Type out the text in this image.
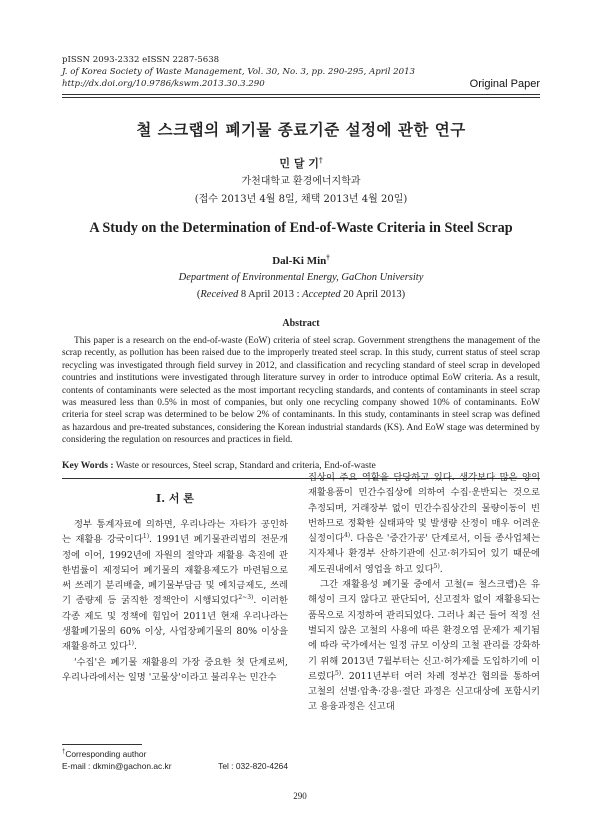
pISSN 2093-2332 eISSN 2287-5638
J. of Korea Society of Waste Management, Vol. 30, No. 3, pp. 290-295, April 2013
http://dx.doi.org/10.9786/kswm.2013.30.3.290	Original Paper
철 스크랩의 폐기물 종료기준 설정에 관한 연구
민 달 기†
가천대학교 환경에너지학과
(접수 2013년 4월 8일, 채택 2013년 4월 20일)
A Study on the Determination of End-of-Waste Criteria in Steel Scrap
Dal-Ki Min†
Department of Environmental Energy, GaChon University
(Received 8 April 2013 : Accepted 20 April 2013)
Abstract
This paper is a research on the end-of-waste (EoW) criteria of steel scrap. Government strengthens the management of the scrap recently, as pollution has been raised due to the improperly treated steel scrap. In this study, current status of steel scrap recycling was investigated through field survey in 2012, and classification and recycling standard of steel scrap in developed countries and institutions were investigated through literature survey in order to introduce optimal EoW criteria. As a result, contents of contaminants were selected as the most important recycling standards, and contents of contaminants in steel scrap was measured less than 0.5% in most of companies, but only one recycling company showed 10% of contaminants. EoW criteria for steel scrap was determined to be below 2% of contaminants. In this study, contaminants in steel scrap was defined as hazardous and pre-treated substances, considering the Korean industrial standards (KS). And EoW stage was determined by considering the regulation on resources and practices in field.
Key Words : Waste or resources, Steel scrap, Standard and criteria, End-of-waste
I. 서 론

정부 통계자료에 의하면, 우리나라는 자타가 공인하는 재활용 강국이다$^{1)}$. 1991년 폐기물관리법의 전문개정에 이어, 1992년에 자원의 절약과 재활용 촉진에 관한법률이 제정되어 폐기물의 재활용제도가 마련됨으로써 쓰레기 분리배출, 폐기물부담금 및 예치금제도, 쓰레기 종량제 등 굵직한 정책안이 시행되었다$^{2\sim 3)}$. 이러한 각종 제도 및 정책에 힘입어 2011년 현재 우리나라는 생활폐기물의 60% 이상, 사업장폐기물의 80% 이상을 재활용하고 있다$^{1)}$.

'수집'은 폐기물 재활용의 가장 중요한 첫 단계로써, 우리나라에서는 일명 '고물상'이라고 불리우는 민간수

집상이 주요 역할을 담당하고 있다. 생각보다 많은 양의 재활용품이 민간수집상에 의하여 수집·운반되는 것으로 추정되며, 거래장부 없이 민간수집상간의 물량이동이 빈번하므로 정확한 실태파악 및 발생량 산정이 매우 어려운 실정이다$^{4)}$. 다음은 '중간가공' 단계로서, 이들 종사업체는 지자체나 환경부 산하기관에 신고·허가되어 있기 때문에 제도권내에서 영업을 하고 있다$^{5)}$.

그간 재활용성 폐기물 중에서 고철(= 철스크랩)은 유해성이 크지 않다고 판단되어, 신고절차 없이 재활용되는 품목으로 지정하여 관리되었다. 그러나 최근 들어 적정 선별되지 않은 고철의 사용에 따른 환경오염 문제가 제기됨에 따라 국가에서는 일정 규모 이상의 고철 관리를 강화하기 위해 2013년 7월부터는 신고·허가제를 도입하기에 이르렀다$^{5)}$. 2011년부터 여러 차례 정부간 협의를 통하여 고철의 선별·압축·강용·절단 과정은 신고대상에 포함시키고 용융과정은 신고대

†Corresponding author
E-mail : dkmin@gachon.ac.kr	Tel : 032-820-4264
290
